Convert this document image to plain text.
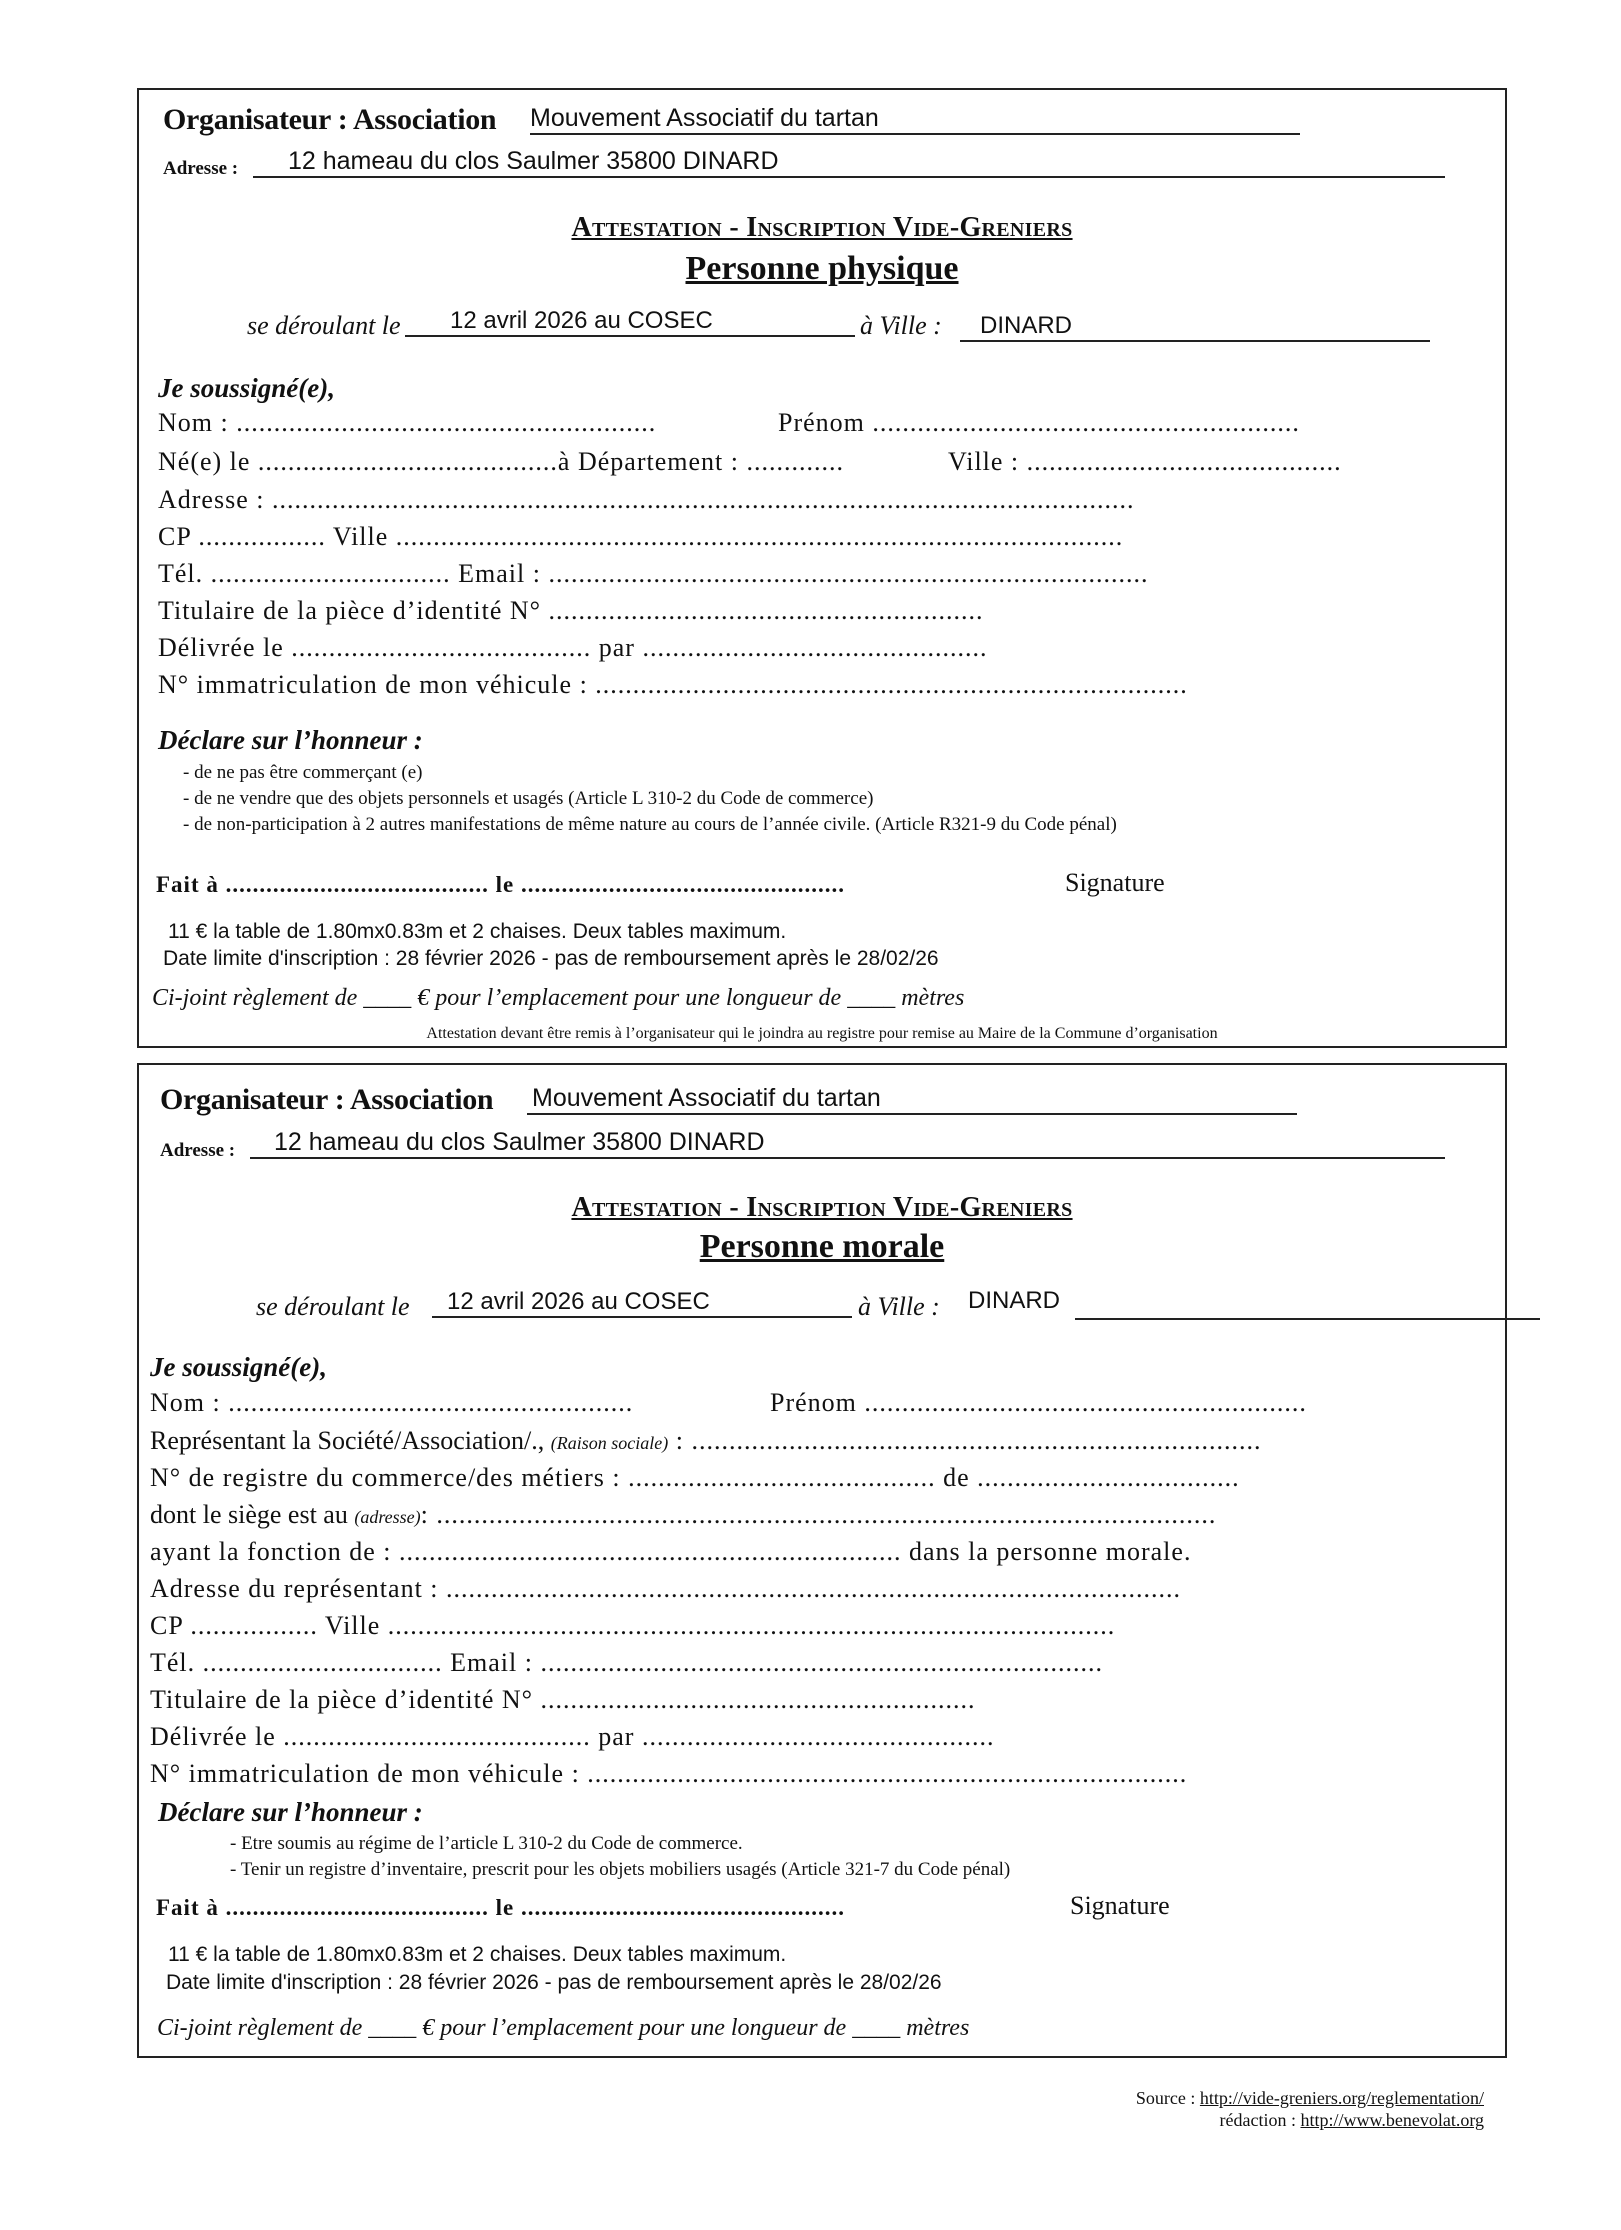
Organisateur : Association Mouvement Associatif du tartan
Adresse :	12 hameau du clos Saulmer 35800 DINARD
Attestation - Inscription Vide-Greniers
Personne physique
se déroulant le	12 avril 2026 au COSEC	à Ville :	DINARD
Je soussigné(e),
Nom : ........................................................	Prénom .........................................................
Né(e) le ........................................à Département : .............	Ville : ..........................................
Adresse : ...................................................................................................................
CP ................. Ville .................................................................................................
Tél. ................................ Email : ................................................................................
Titulaire de la pièce d’identité N° ..........................................................
Délivrée le ........................................ par ..............................................
N° immatriculation de mon véhicule : ...............................................................................
Déclare sur l’honneur :
- de ne pas être commerçant (e)
- de ne vendre que des objets personnels et usagés (Article L 310-2 du Code de commerce)
- de non-participation à 2 autres manifestations de même nature au cours de l’année civile. (Article R321-9 du Code pénal)
Fait à ....................................... le ................................................	Signature
11 € la table de 1.80mx0.83m et 2 chaises. Deux tables maximum.
Date limite d'inscription : 28 février 2026 - pas de remboursement après le 28/02/26
Ci-joint règlement de ____ € pour l’emplacement pour une longueur de ____ mètres
Attestation devant être remis à l’organisateur qui le joindra au registre pour remise au Maire de la Commune d’organisation
Organisateur : Association Mouvement Associatif du tartan
Adresse :	12 hameau du clos Saulmer 35800 DINARD
Attestation - Inscription Vide-Greniers
Personne morale
se déroulant le	12 avril 2026 au COSEC	à Ville : DINARD
Je soussigné(e),
Nom : ......................................................	Prénom ...........................................................
Représentant la Société/Association/., (Raison sociale) : ............................................................................
N° de registre du commerce/des métiers : ......................................... de ...................................
dont le siège est au (adresse): ........................................................................................................
ayant la fonction de : ................................................................... dans la personne morale.
Adresse du représentant : ..................................................................................................
CP ................. Ville .................................................................................................
Tél. ................................ Email : ...........................................................................
Titulaire de la pièce d’identité N° ..........................................................
Délivrée le ......................................... par ...............................................
N° immatriculation de mon véhicule : ................................................................................
Déclare sur l’honneur :
- Etre soumis au régime de l’article L 310-2 du Code de commerce.
- Tenir un registre d’inventaire, prescrit pour les objets mobiliers usagés (Article 321-7 du Code pénal)
Fait à ....................................... le ................................................	Signature
11 € la table de 1.80mx0.83m et 2 chaises. Deux tables maximum.
Date limite d'inscription : 28 février 2026 - pas de remboursement après le 28/02/26
Ci-joint règlement de ____ € pour l’emplacement pour une longueur de ____ mètres
Source : http://vide-greniers.org/reglementation/
rédaction : http://www.benevolat.org
